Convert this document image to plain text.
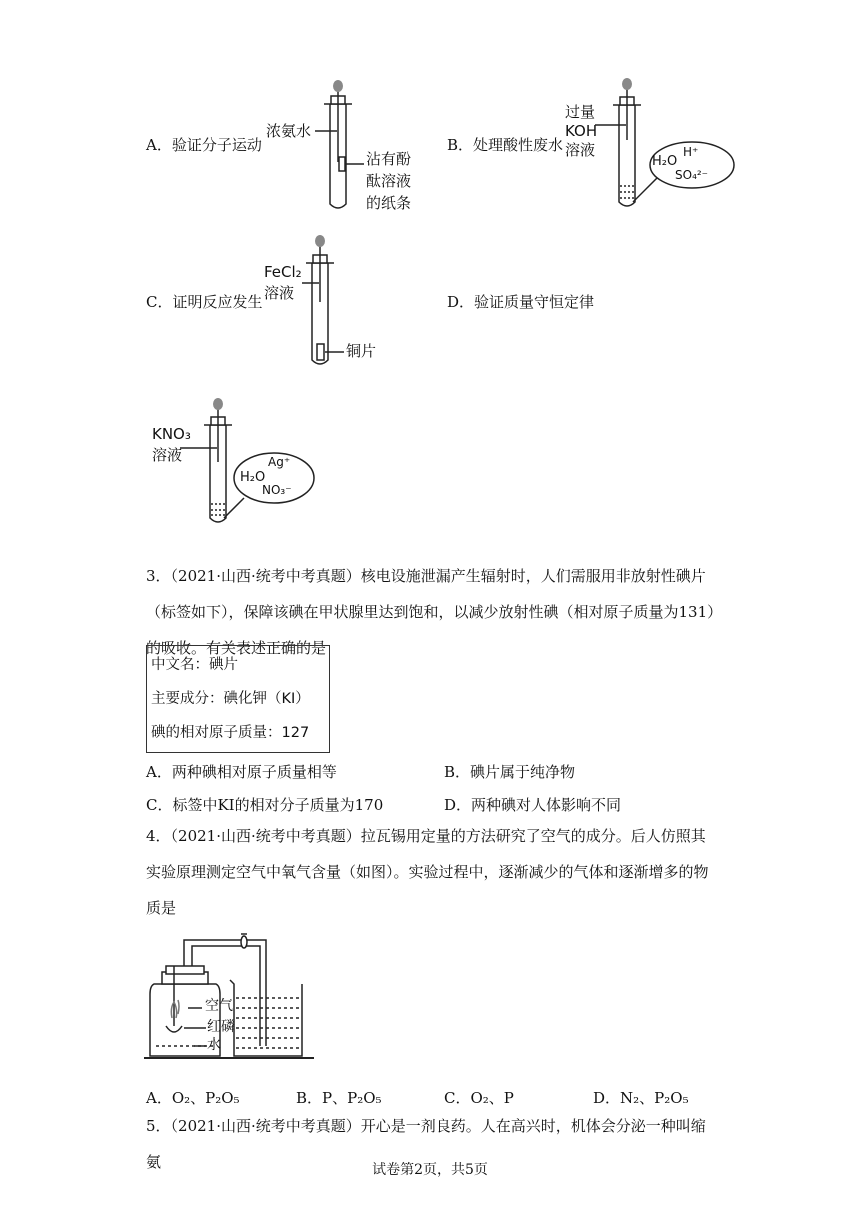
A．验证分子运动
浓氨水
沾有酚
酞溶液
的纸条
B．处理酸性废水
过量
KOH
溶液
H₂O
H⁺
SO₄²⁻
C．证明反应发生
FeCl₂
溶液
铜片
D．验证质量守恒定律
KNO₃
溶液
H₂O
Ag⁺
NO₃⁻
3．（2021·山西·统考中考真题）核电设施泄漏产生辐射时，人们需服用非放射性碘片（标签如下），保障该碘在甲状腺里达到饱和，以减少放射性碘（相对原子质量为131）的吸收。有关表述正确的是
中文名：碘片
主要成分：碘化钾（KI）
碘的相对原子质量：127
A．两种碘相对原子质量相等	B．碘片属于纯净物
C．标签中KI的相对分子质量为170	D．两种碘对人体影响不同
4．（2021·山西·统考中考真题）拉瓦锡用定量的方法研究了空气的成分。后人仿照其实验原理测定空气中氧气含量（如图）。实验过程中，逐渐减少的气体和逐渐增多的物质是
空气
红磷
水
A．O₂、P₂O₅	B．P、P₂O₅	C．O₂、P	D．N₂、P₂O₅
5．（2021·山西·统考中考真题）开心是一剂良药。人在高兴时，机体会分泌一种叫缩氨	试卷第2页，共5页
